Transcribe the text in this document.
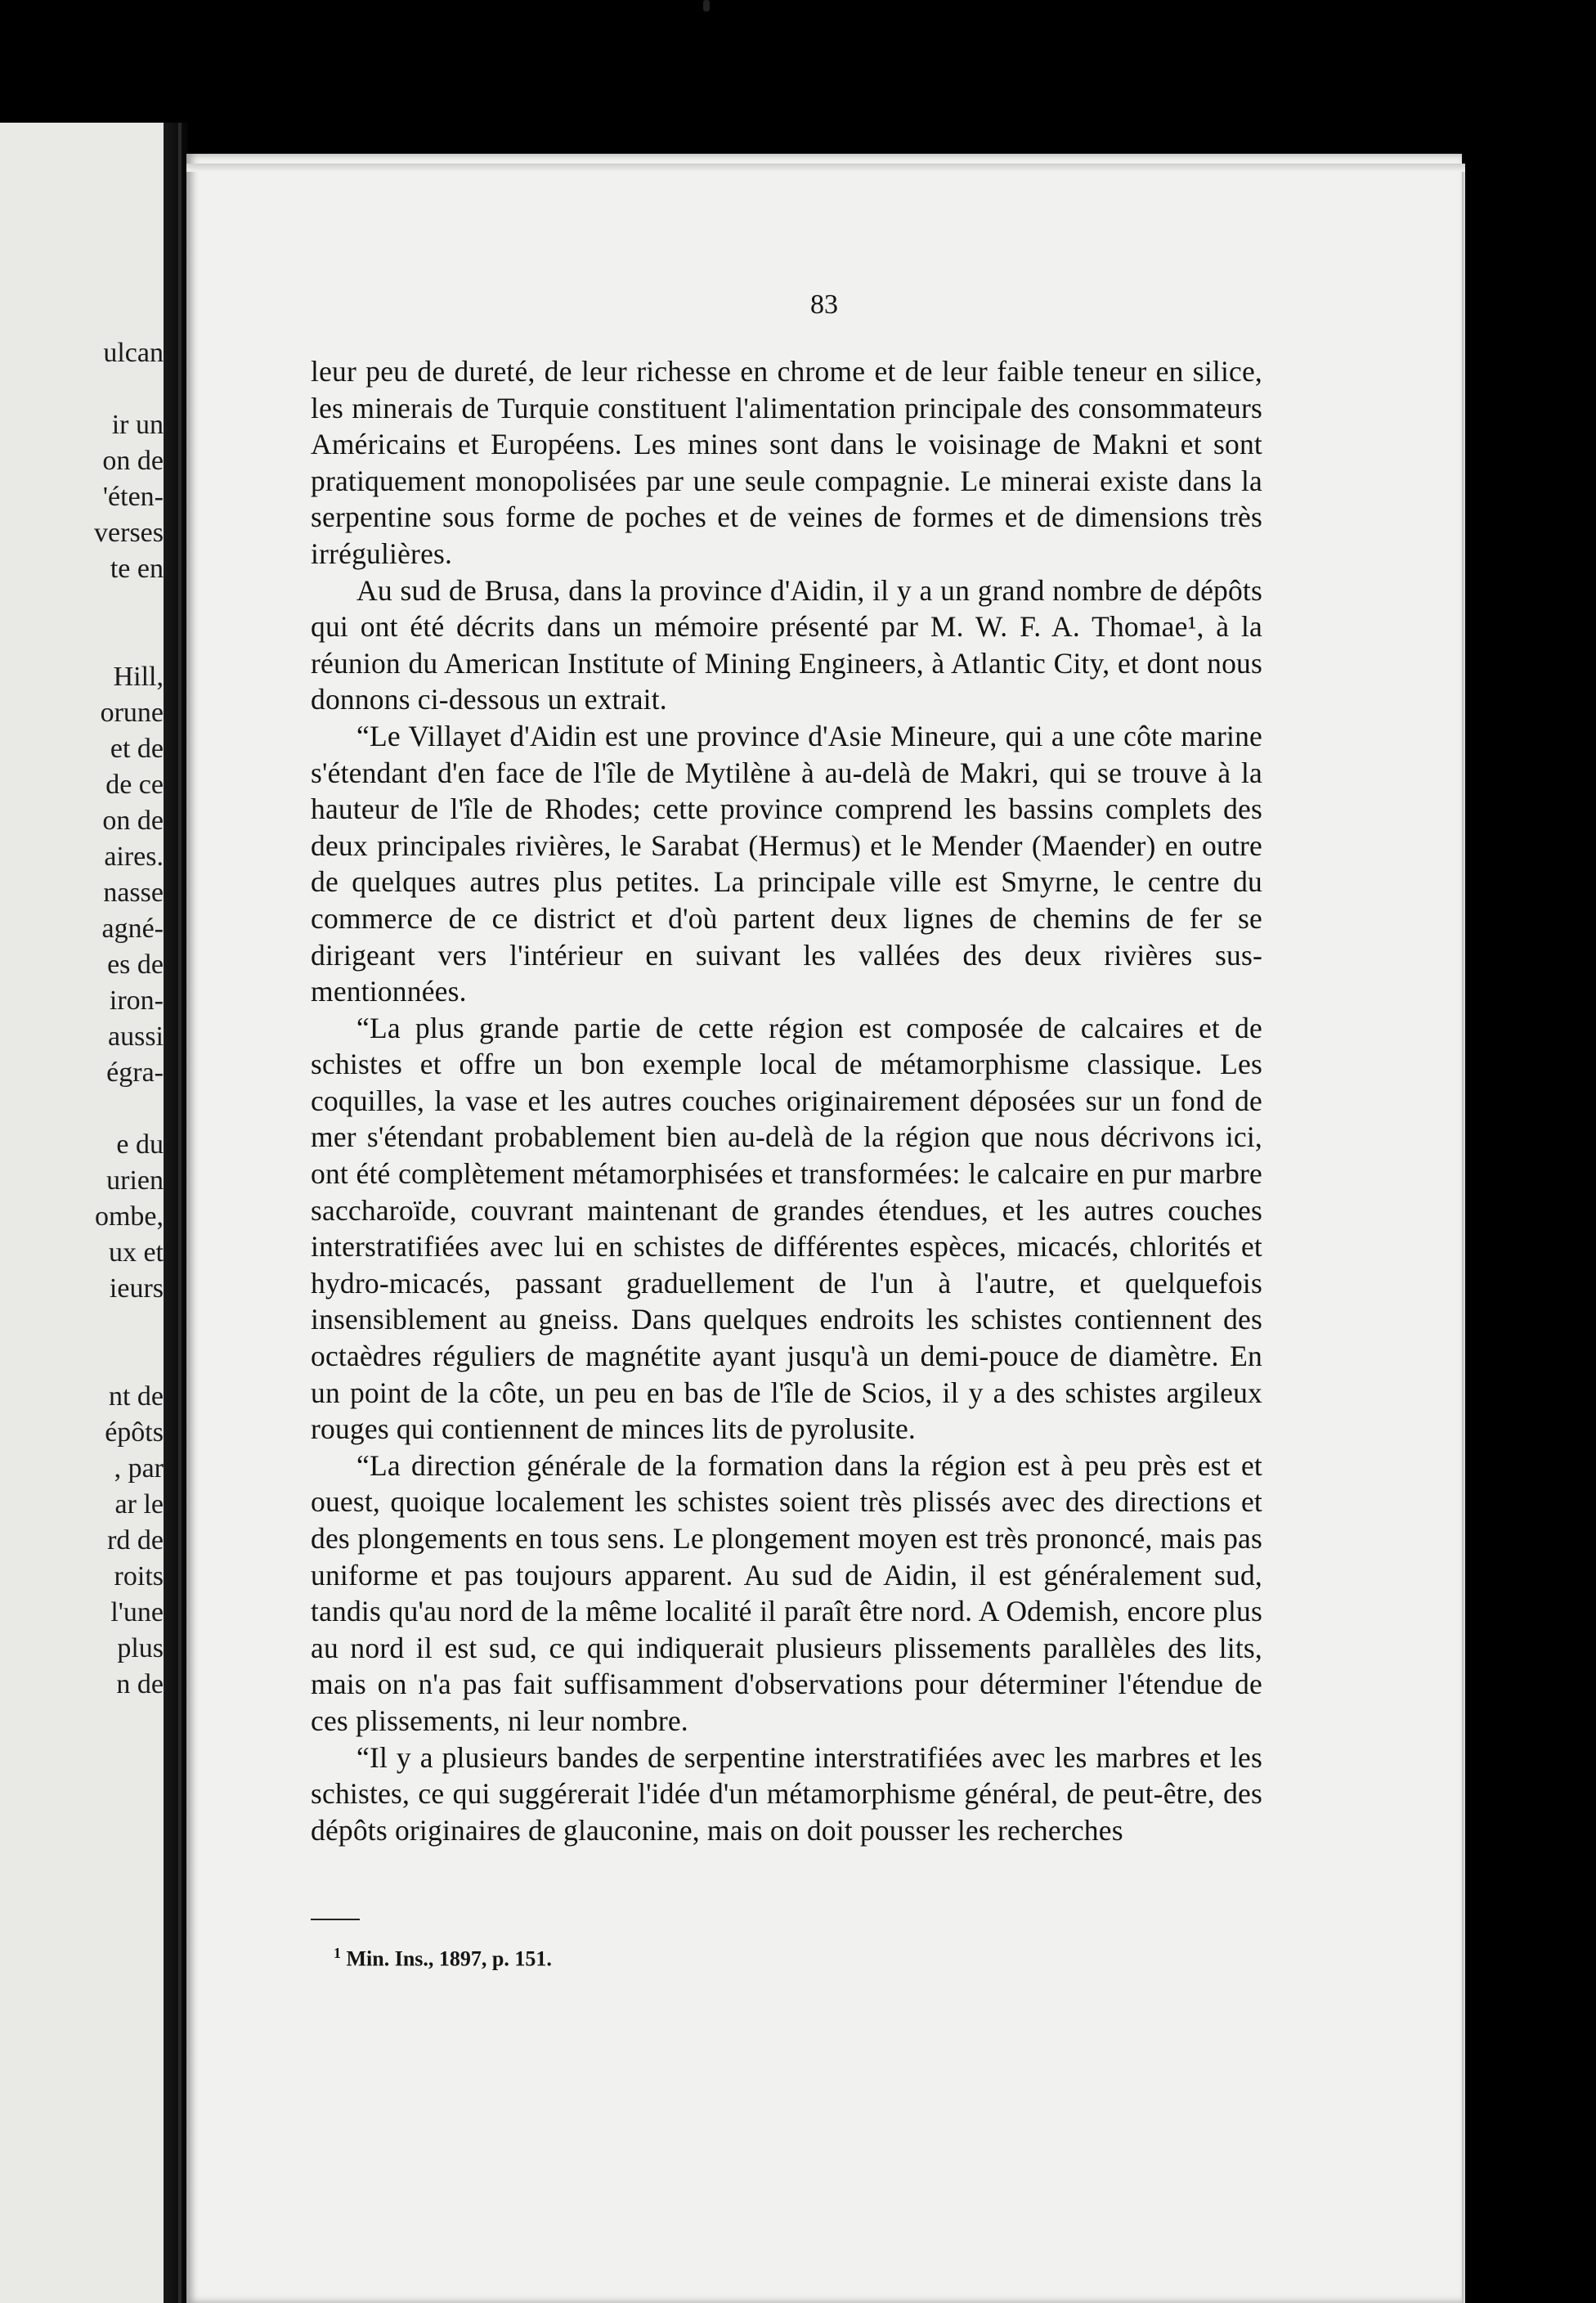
ulcan

ir un
on de
'éten-
verses
te en

Hill,
orune
et de
de ce
on de
aires.
nasse
agné-
es de
iron-
aussi
égra-

e du
urien
ombe,
ux et
ieurs

nt de
épôts
, par
ar le
rd de
roits
l'une
plus
n de
83

leur peu de dureté, de leur richesse en chrome et de leur faible teneur en silice, les minerais de Turquie constituent l'alimentation principale des consommateurs Américains et Européens. Les mines sont dans le voisinage de Makni et sont pratiquement monopolisées par une seule compagnie. Le minerai existe dans la serpentine sous forme de poches et de veines de formes et de dimensions très irrégulières.

Au sud de Brusa, dans la province d'Aidin, il y a un grand nombre de dépôts qui ont été décrits dans un mémoire présenté par M. W. F. A. Thomae¹, à la réunion du American Institute of Mining Engineers, à Atlantic City, et dont nous donnons ci-dessous un extrait.

“Le Villayet d'Aidin est une province d'Asie Mineure, qui a une côte marine s'étendant d'en face de l'île de Mytilène à au-delà de Makri, qui se trouve à la hauteur de l'île de Rhodes; cette province comprend les bassins complets des deux principales rivières, le Sarabat (Hermus) et le Mender (Maender) en outre de quelques autres plus petites. La principale ville est Smyrne, le centre du commerce de ce district et d'où partent deux lignes de chemins de fer se dirigeant vers l'intérieur en suivant les vallées des deux rivières sus-mentionnées.

“La plus grande partie de cette région est composée de calcaires et de schistes et offre un bon exemple local de métamorphisme classique. Les coquilles, la vase et les autres couches originairement déposées sur un fond de mer s'étendant probablement bien au-delà de la région que nous décrivons ici, ont été complètement métamorphisées et transformées: le calcaire en pur marbre saccharoïde, couvrant maintenant de grandes étendues, et les autres couches interstratifiées avec lui en schistes de différentes espèces, micacés, chlorités et hydro-micacés, passant graduellement de l'un à l'autre, et quelquefois insensiblement au gneiss. Dans quelques endroits les schistes contiennent des octaèdres réguliers de magnétite ayant jusqu'à un demi-pouce de diamètre. En un point de la côte, un peu en bas de l'île de Scios, il y a des schistes argileux rouges qui contiennent de minces lits de pyrolusite.

“La direction générale de la formation dans la région est à peu près est et ouest, quoique localement les schistes soient très plissés avec des directions et des plongements en tous sens. Le plongement moyen est très prononcé, mais pas uniforme et pas toujours apparent. Au sud de Aidin, il est généralement sud, tandis qu'au nord de la même localité il paraît être nord. A Odemish, encore plus au nord il est sud, ce qui indiquerait plusieurs plissements parallèles des lits, mais on n'a pas fait suffisamment d'observations pour déterminer l'étendue de ces plissements, ni leur nombre.

“Il y a plusieurs bandes de serpentine interstratifiées avec les marbres et les schistes, ce qui suggérerait l'idée d'un métamorphisme général, de peut-être, des dépôts originaires de glauconine, mais on doit pousser les recherches

$^1$ Min. Ins., 1897, p. 151.
